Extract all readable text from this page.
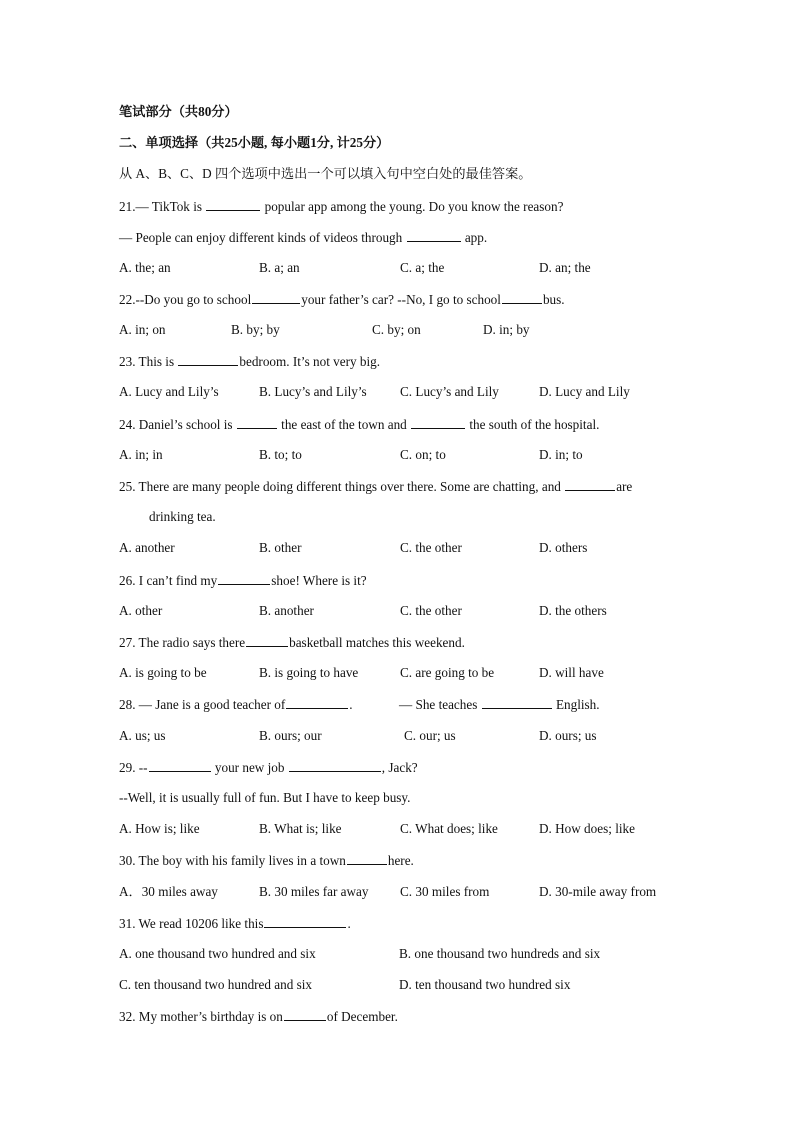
笔试部分（共80分）
二、单项选择（共25小题, 每小题1分, 计25分）
从 A、B、C、D 四个选项中选出一个可以填入句中空白处的最佳答案。
21.— TikTok is	popular app among the young. Do you know the reason?
— People can enjoy different kinds of videos through	app.
A. the; an	B. a; an	C. a; the	D. an; the
22.--Do you go to school	your father’s car? --No, I go to school	bus.
A. in; on	B. by; by	C. by; on	D. in; by
23. This is	bedroom. It’s not very big.
A. Lucy and Lily’s	B. Lucy’s and Lily’s	C. Lucy’s and Lily	D. Lucy and Lily
24. Daniel’s school is	the east of the town and	the south of the hospital.
A. in; in	B. to; to	C. on; to	D. in; to
25. There are many people doing different things over there. Some are chatting, and	are
drinking tea.
A. another	B. other	C. the other	D. others
26. I can’t find my	shoe! Where is it?
A. other	B. another	C. the other	D. the others
27. The radio says there	basketball matches this weekend.
A. is going to be	B. is going to have	C. are going to be	D. will have
28. — Jane is a good teacher of	.	— She teaches	English.
A. us; us	B. ours; our	C. our; us	D. ours; us
29. --	your new job	, Jack?
--Well, it is usually full of fun. But I have to keep busy.
A. How is; like	B. What is; like	C. What does; like	D. How does; like
30. The boy with his family lives in a town	here.
A．30 miles away	B. 30 miles far away C. 30 miles from	D. 30-mile away from
31. We read 10206 like this	.
A. one thousand two hundred and six	B. one thousand two hundreds and six
C. ten thousand two hundred and six	D. ten thousand two hundred six
32. My mother’s birthday is on	of December.
